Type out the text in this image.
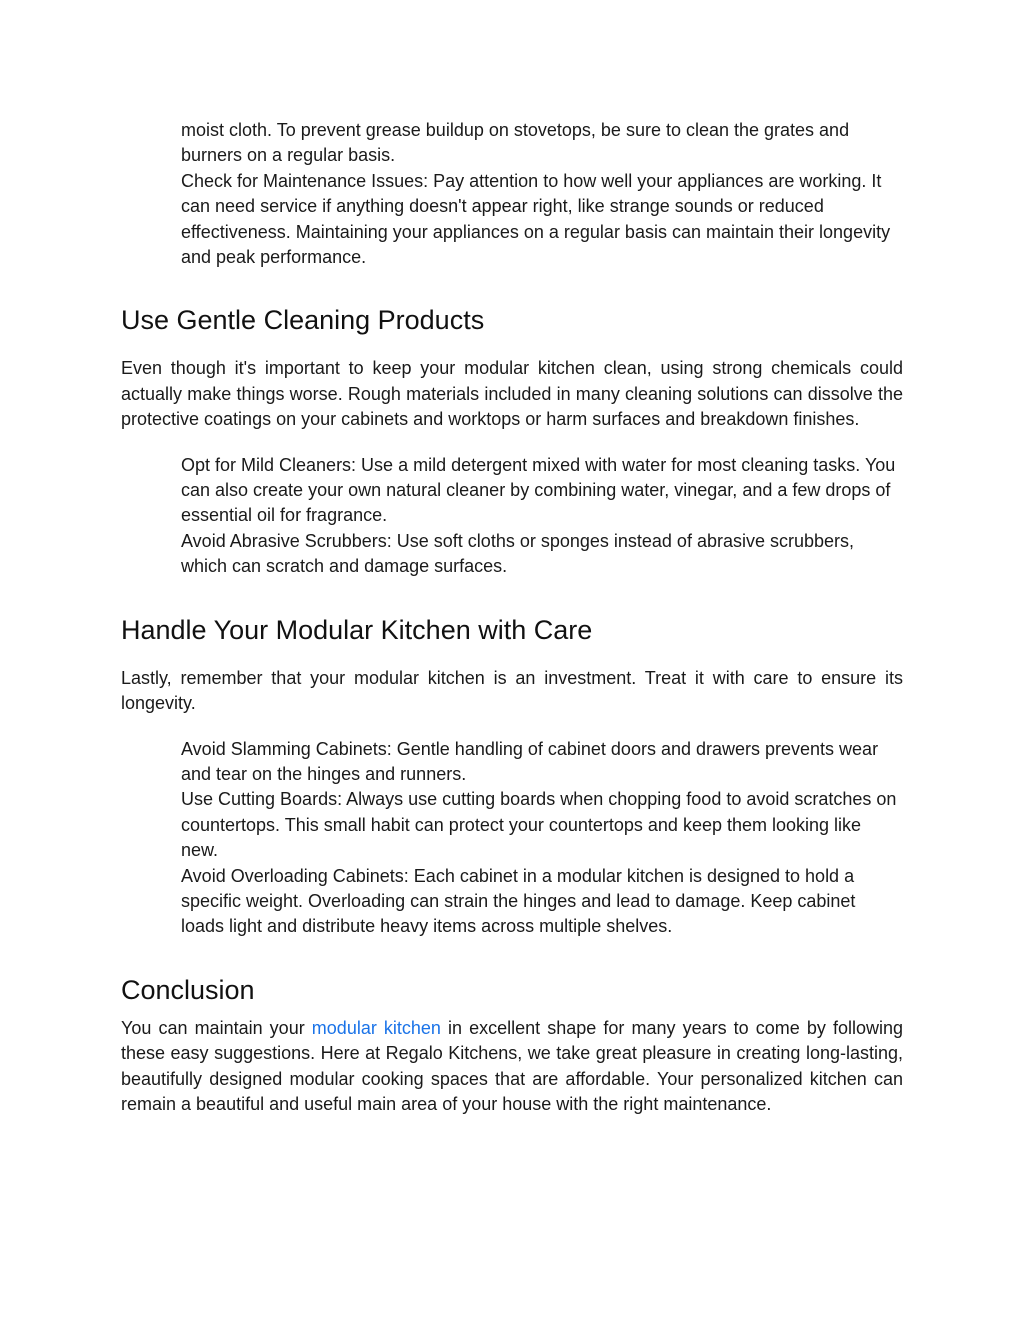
moist cloth. To prevent grease buildup on stovetops, be sure to clean the grates and burners on a regular basis.

Check for Maintenance Issues: Pay attention to how well your appliances are working. It can need service if anything doesn't appear right, like strange sounds or reduced effectiveness. Maintaining your appliances on a regular basis can maintain their longevity and peak performance.

Use Gentle Cleaning Products

Even though it's important to keep your modular kitchen clean, using strong chemicals could actually make things worse. Rough materials included in many cleaning solutions can dissolve the protective coatings on your cabinets and worktops or harm surfaces and breakdown finishes.

Opt for Mild Cleaners: Use a mild detergent mixed with water for most cleaning tasks. You can also create your own natural cleaner by combining water, vinegar, and a few drops of essential oil for fragrance.

Avoid Abrasive Scrubbers: Use soft cloths or sponges instead of abrasive scrubbers, which can scratch and damage surfaces.

Handle Your Modular Kitchen with Care

Lastly, remember that your modular kitchen is an investment. Treat it with care to ensure its longevity.

Avoid Slamming Cabinets: Gentle handling of cabinet doors and drawers prevents wear and tear on the hinges and runners.

Use Cutting Boards: Always use cutting boards when chopping food to avoid scratches on countertops. This small habit can protect your countertops and keep them looking like new.

Avoid Overloading Cabinets: Each cabinet in a modular kitchen is designed to hold a specific weight. Overloading can strain the hinges and lead to damage. Keep cabinet loads light and distribute heavy items across multiple shelves.

Conclusion

You can maintain your modular kitchen in excellent shape for many years to come by following these easy suggestions. Here at Regalo Kitchens, we take great pleasure in creating long-lasting, beautifully designed modular cooking spaces that are affordable. Your personalized kitchen can remain a beautiful and useful main area of your house with the right maintenance.
